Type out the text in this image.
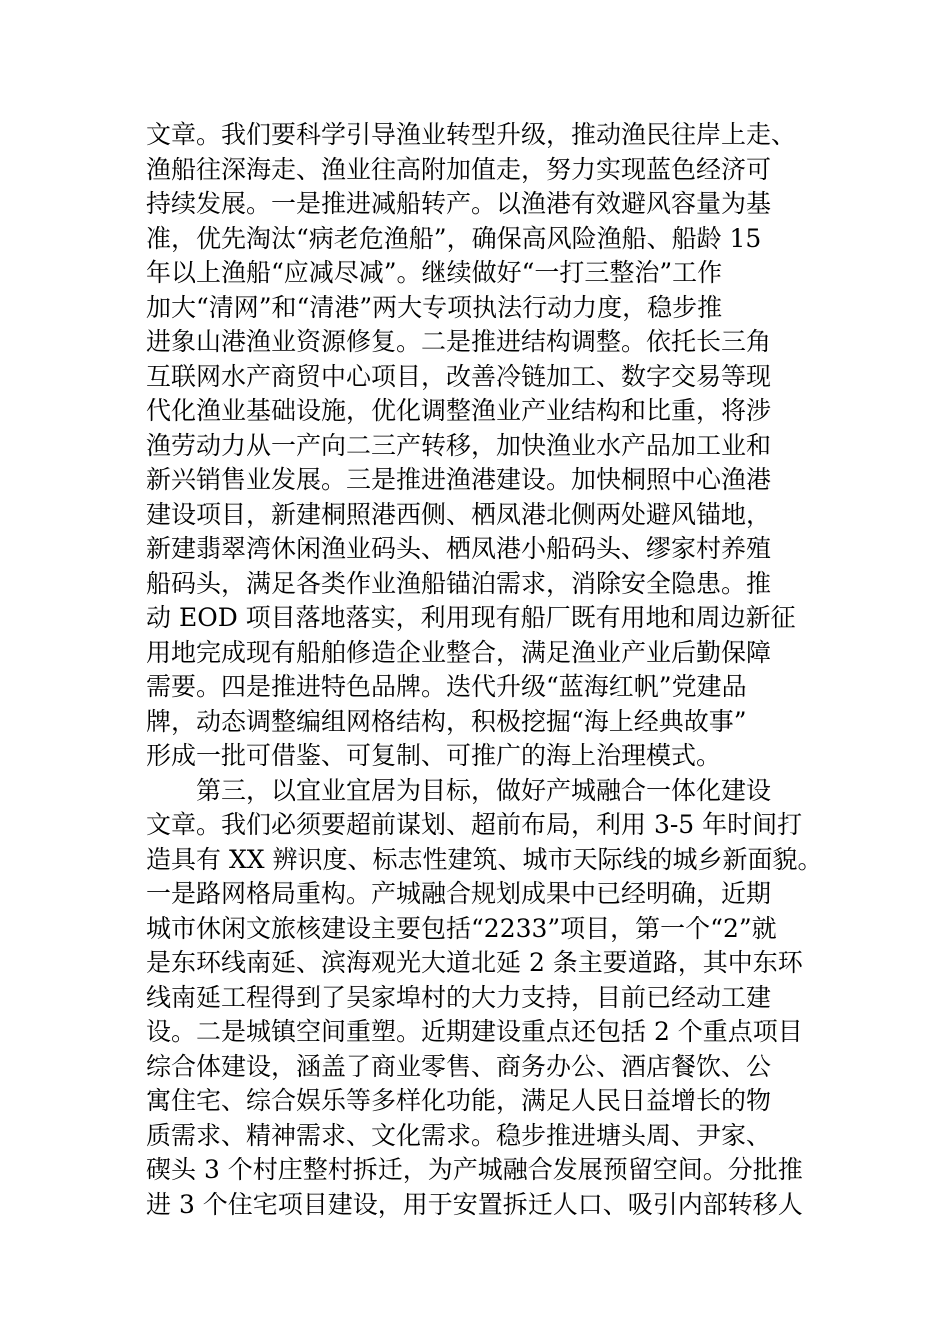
文章。我们要科学引导渔业转型升级，推动渔民往岸上走、
渔船往深海走、渔业往高附加值走，努力实现蓝色经济可
持续发展。一是推进减船转产。以渔港有效避风容量为基
准，优先淘汰“病老危渔船”，确保高风险渔船、船龄 15
年以上渔船“应减尽减”。继续做好“一打三整治”工作
加大“清网”和“清港”两大专项执法行动力度，稳步推
进象山港渔业资源修复。二是推进结构调整。依托长三角
互联网水产商贸中心项目，改善冷链加工、数字交易等现
代化渔业基础设施，优化调整渔业产业结构和比重，将涉
渔劳动力从一产向二三产转移，加快渔业水产品加工业和
新兴销售业发展。三是推进渔港建设。加快桐照中心渔港
建设项目，新建桐照港西侧、栖凤港北侧两处避风锚地，
新建翡翠湾休闲渔业码头、栖凤港小船码头、缪家村养殖
船码头，满足各类作业渔船锚泊需求，消除安全隐患。推
动 EOD 项目落地落实，利用现有船厂既有用地和周边新征
用地完成现有船舶修造企业整合，满足渔业产业后勤保障
需要。四是推进特色品牌。迭代升级“蓝海红帆”党建品
牌，动态调整编组网格结构，积极挖掘“海上经典故事”
形成一批可借鉴、可复制、可推广的海上治理模式。
　　第三，以宜业宜居为目标，做好产城融合一体化建设
文章。我们必须要超前谋划、超前布局，利用 3-5 年时间打
造具有 XX 辨识度、标志性建筑、城市天际线的城乡新面貌。
一是路网格局重构。产城融合规划成果中已经明确，近期
城市休闲文旅核建设主要包括“2233”项目，第一个“2”就
是东环线南延、滨海观光大道北延 2 条主要道路，其中东环
线南延工程得到了吴家埠村的大力支持，目前已经动工建
设。二是城镇空间重塑。近期建设重点还包括 2 个重点项目
综合体建设，涵盖了商业零售、商务办公、酒店餐饮、公
寓住宅、综合娱乐等多样化功能，满足人民日益增长的物
质需求、精神需求、文化需求。稳步推进塘头周、尹家、
碶头 3 个村庄整村拆迁，为产城融合发展预留空间。分批推
进 3 个住宅项目建设，用于安置拆迁人口、吸引内部转移人
